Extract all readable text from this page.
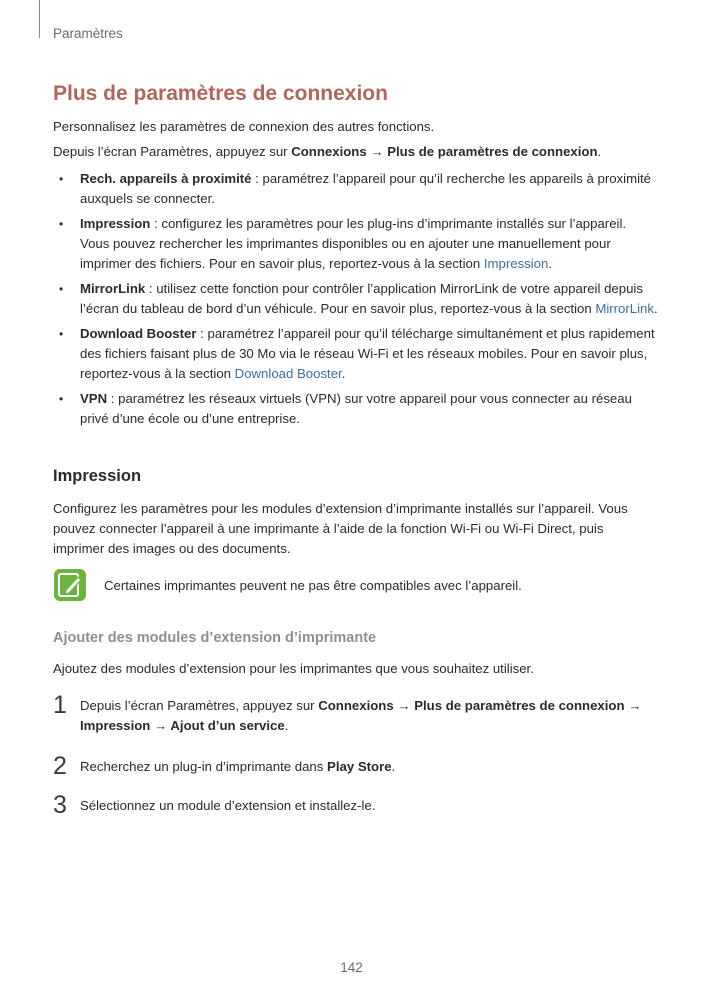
Paramètres
Plus de paramètres de connexion
Personnalisez les paramètres de connexion des autres fonctions.
Depuis l’écran Paramètres, appuyez sur Connexions → Plus de paramètres de connexion.
• Rech. appareils à proximité : paramétrez l’appareil pour qu’il recherche les appareils à proximité auxquels se connecter.
• Impression : configurez les paramètres pour les plug-ins d’imprimante installés sur l’appareil. Vous pouvez rechercher les imprimantes disponibles ou en ajouter une manuellement pour imprimer des fichiers. Pour en savoir plus, reportez-vous à la section Impression.
• MirrorLink : utilisez cette fonction pour contrôler l’application MirrorLink de votre appareil depuis l’écran du tableau de bord d’un véhicule. Pour en savoir plus, reportez-vous à la section MirrorLink.
• Download Booster : paramétrez l’appareil pour qu’il télécharge simultanément et plus rapidement des fichiers faisant plus de 30 Mo via le réseau Wi-Fi et les réseaux mobiles. Pour en savoir plus, reportez-vous à la section Download Booster.
• VPN : paramétrez les réseaux virtuels (VPN) sur votre appareil pour vous connecter au réseau privé d’une école ou d’une entreprise.
Impression
Configurez les paramètres pour les modules d’extension d’imprimante installés sur l’appareil. Vous pouvez connecter l’appareil à une imprimante à l’aide de la fonction Wi-Fi ou Wi-Fi Direct, puis imprimer des images ou des documents.
Certaines imprimantes peuvent ne pas être compatibles avec l’appareil.
Ajouter des modules d’extension d’imprimante
Ajoutez des modules d’extension pour les imprimantes que vous souhaitez utiliser.
1 Depuis l’écran Paramètres, appuyez sur Connexions → Plus de paramètres de connexion → Impression → Ajout d’un service.
2 Recherchez un plug-in d’imprimante dans Play Store.
3 Sélectionnez un module d’extension et installez-le.
142
